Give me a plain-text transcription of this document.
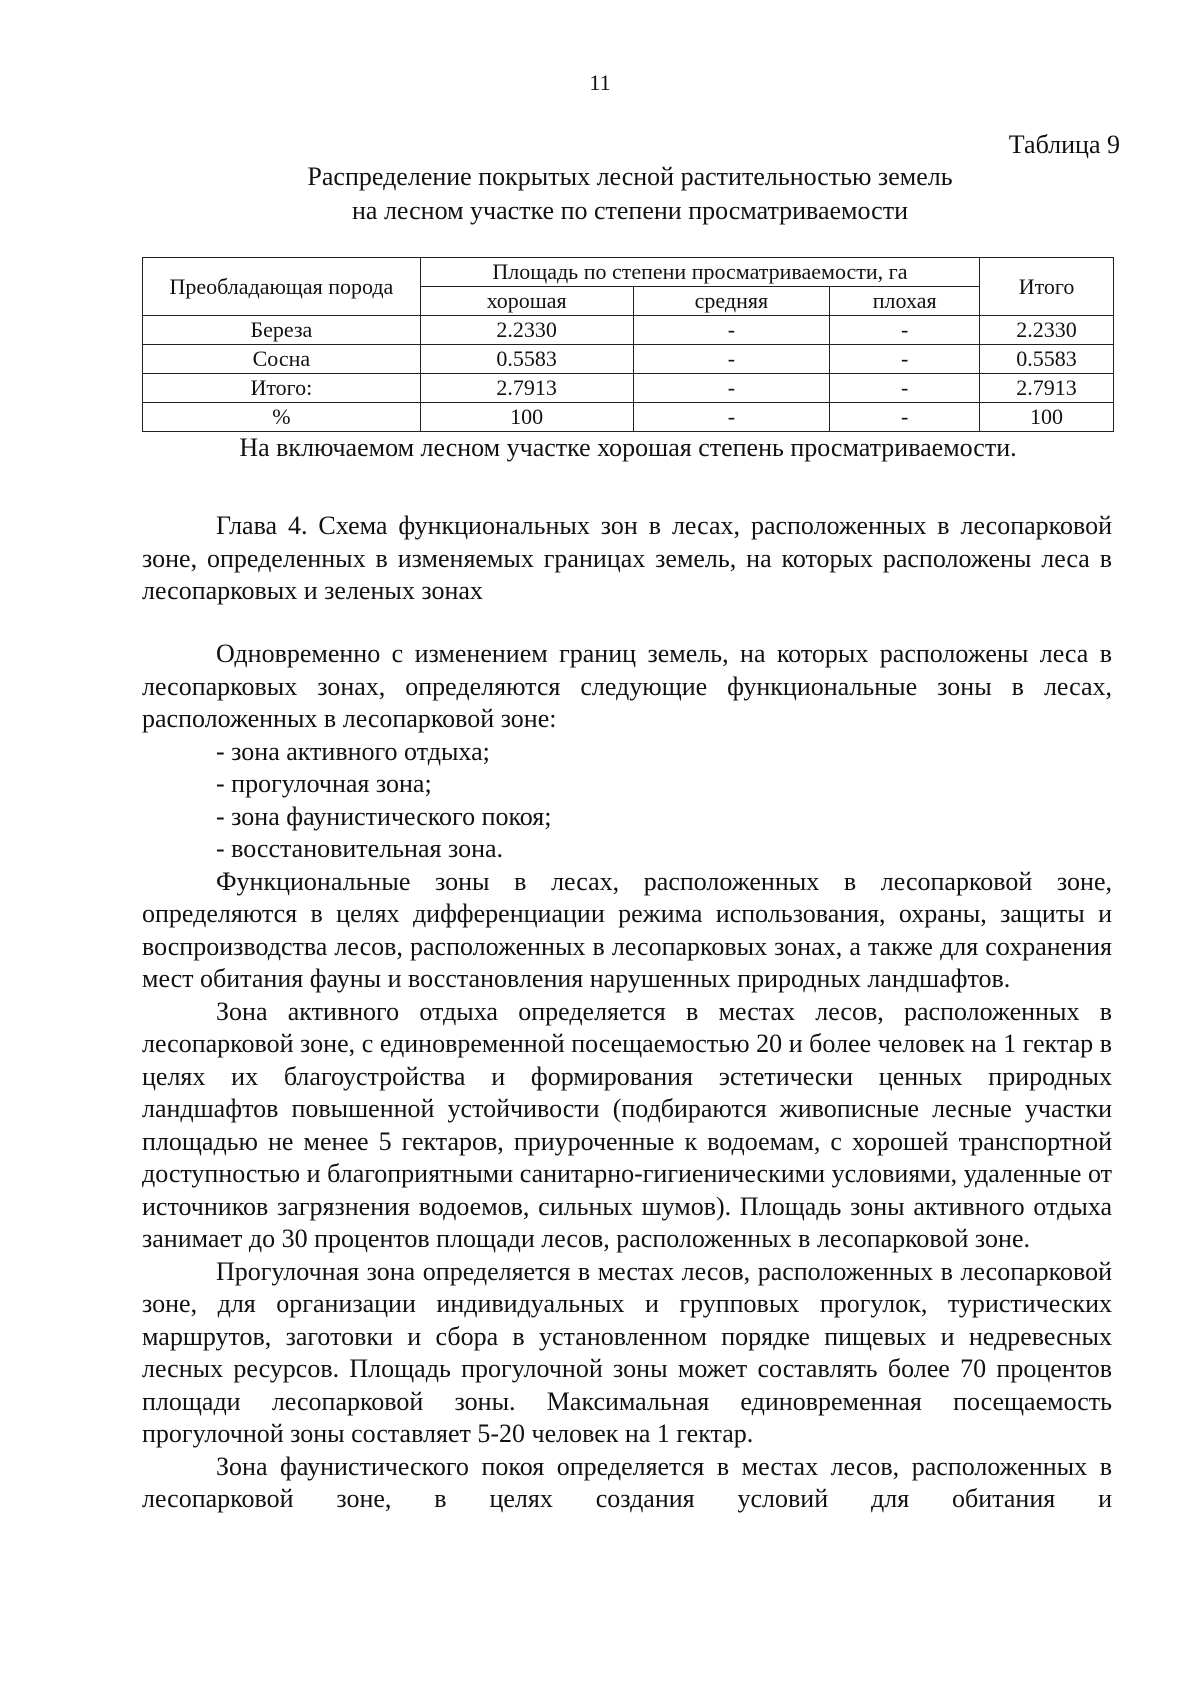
11
Таблица 9
Распределение покрытых лесной растительностью земель
на лесном участке по степени просматриваемости
Преобладающая порода	Площадь по степени просматриваемости, га			Итого
	хорошая	средняя	плохая	
Береза	2.2330	-	-	2.2330
Сосна	0.5583	-	-	0.5583
Итого:	2.7913	-	-	2.7913
%	100	-	-	100
На включаемом лесном участке хорошая степень просматриваемости.

Глава 4. Схема функциональных зон в лесах, расположенных в лесопарковой зоне, определенных в изменяемых границах земель, на которых расположены леса в лесопарковых и зеленых зонах

Одновременно с изменением границ земель, на которых расположены леса в лесопарковых зонах, определяются следующие функциональные зоны в лесах, расположенных в лесопарковой зоне:

- зона активного отдыха;

- прогулочная зона;

- зона фаунистического покоя;

- восстановительная зона.

Функциональные зоны в лесах, расположенных в лесопарковой зоне, определяются в целях дифференциации режима использования, охраны, защиты и воспроизводства лесов, расположенных в лесопарковых зонах, а также для сохранения мест обитания фауны и восстановления нарушенных природных ландшафтов.

Зона активного отдыха определяется в местах лесов, расположенных в лесопарковой зоне, с единовременной посещаемостью 20 и более человек на 1 гектар в целях их благоустройства и формирования эстетически ценных природных ландшафтов повышенной устойчивости (подбираются живописные лесные участки площадью не менее 5 гектаров, приуроченные к водоемам, с хорошей транспортной доступностью и благоприятными санитарно-гигиеническими условиями, удаленные от источников загрязнения водоемов, сильных шумов). Площадь зоны активного отдыха занимает до 30 процентов площади лесов, расположенных в лесопарковой зоне.

Прогулочная зона определяется в местах лесов, расположенных в лесопарковой зоне, для организации индивидуальных и групповых прогулок, туристических маршрутов, заготовки и сбора в установленном порядке пищевых и недревесных лесных ресурсов. Площадь прогулочной зоны может составлять более 70 процентов площади лесопарковой зоны. Максимальная единовременная посещаемость прогулочной зоны составляет 5-20 человек на 1 гектар.

Зона фаунистического покоя определяется в местах лесов, расположенных в лесопарковой зоне, в целях создания условий для обитания и
